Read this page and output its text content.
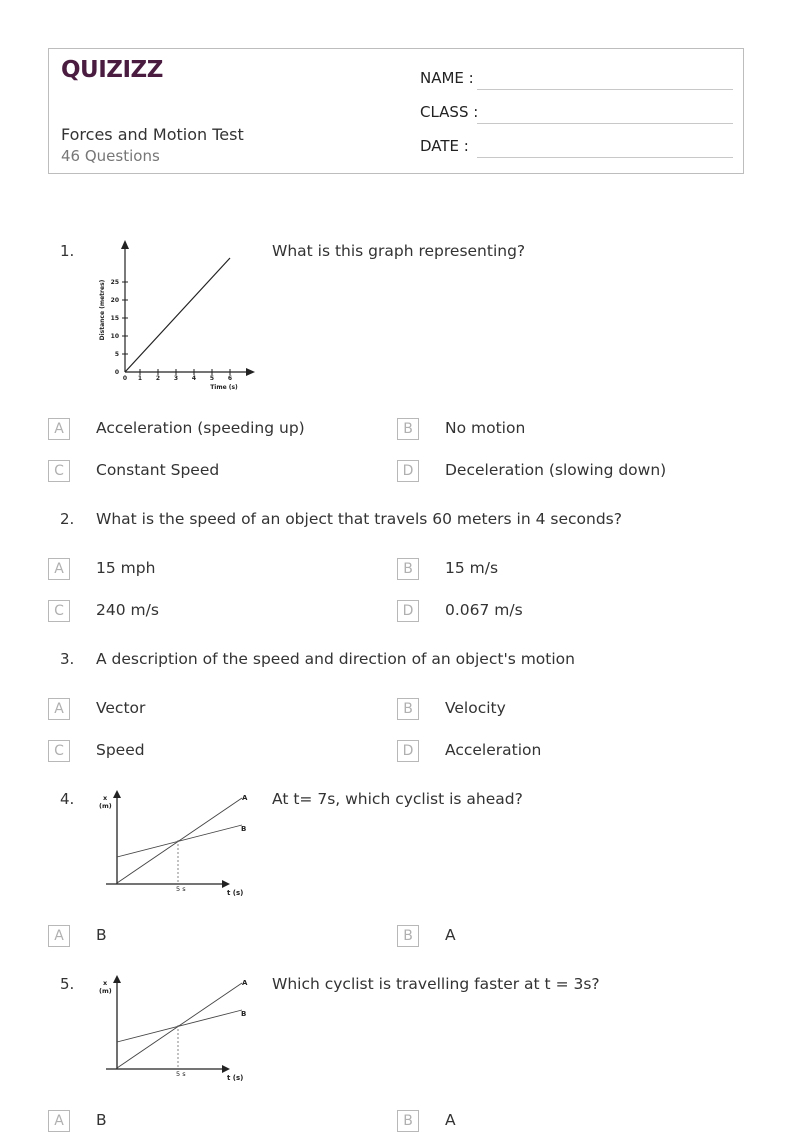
QUIZIZZ
Forces and Motion Test
46 Questions
NAME :
CLASS :
DATE :
1.
0
5
10
15
20
25
0 1 2 3 4 5 6
Time (s)
Distance (metres)
What is this graph representing?
A	Acceleration (speeding up)	B	No motion
C	Constant Speed	D	Deceleration (slowing down)
2. What is the speed of an object that travels 60 meters in 4 seconds?
A	15 mph	B	15 m/s
C	240 m/s	D	0.067 m/s
3. A description of the speed and direction of an object's motion
A	Vector	B	Velocity
C	Speed	D	Acceleration
4.	x
(m)
A
B
5 s	t (s)
At t= 7s, which cyclist is ahead?
A	B	B	A
5.	x
(m)
A
B
5 s	t (s)
Which cyclist is travelling faster at t = 3s?
A	B	B	A
